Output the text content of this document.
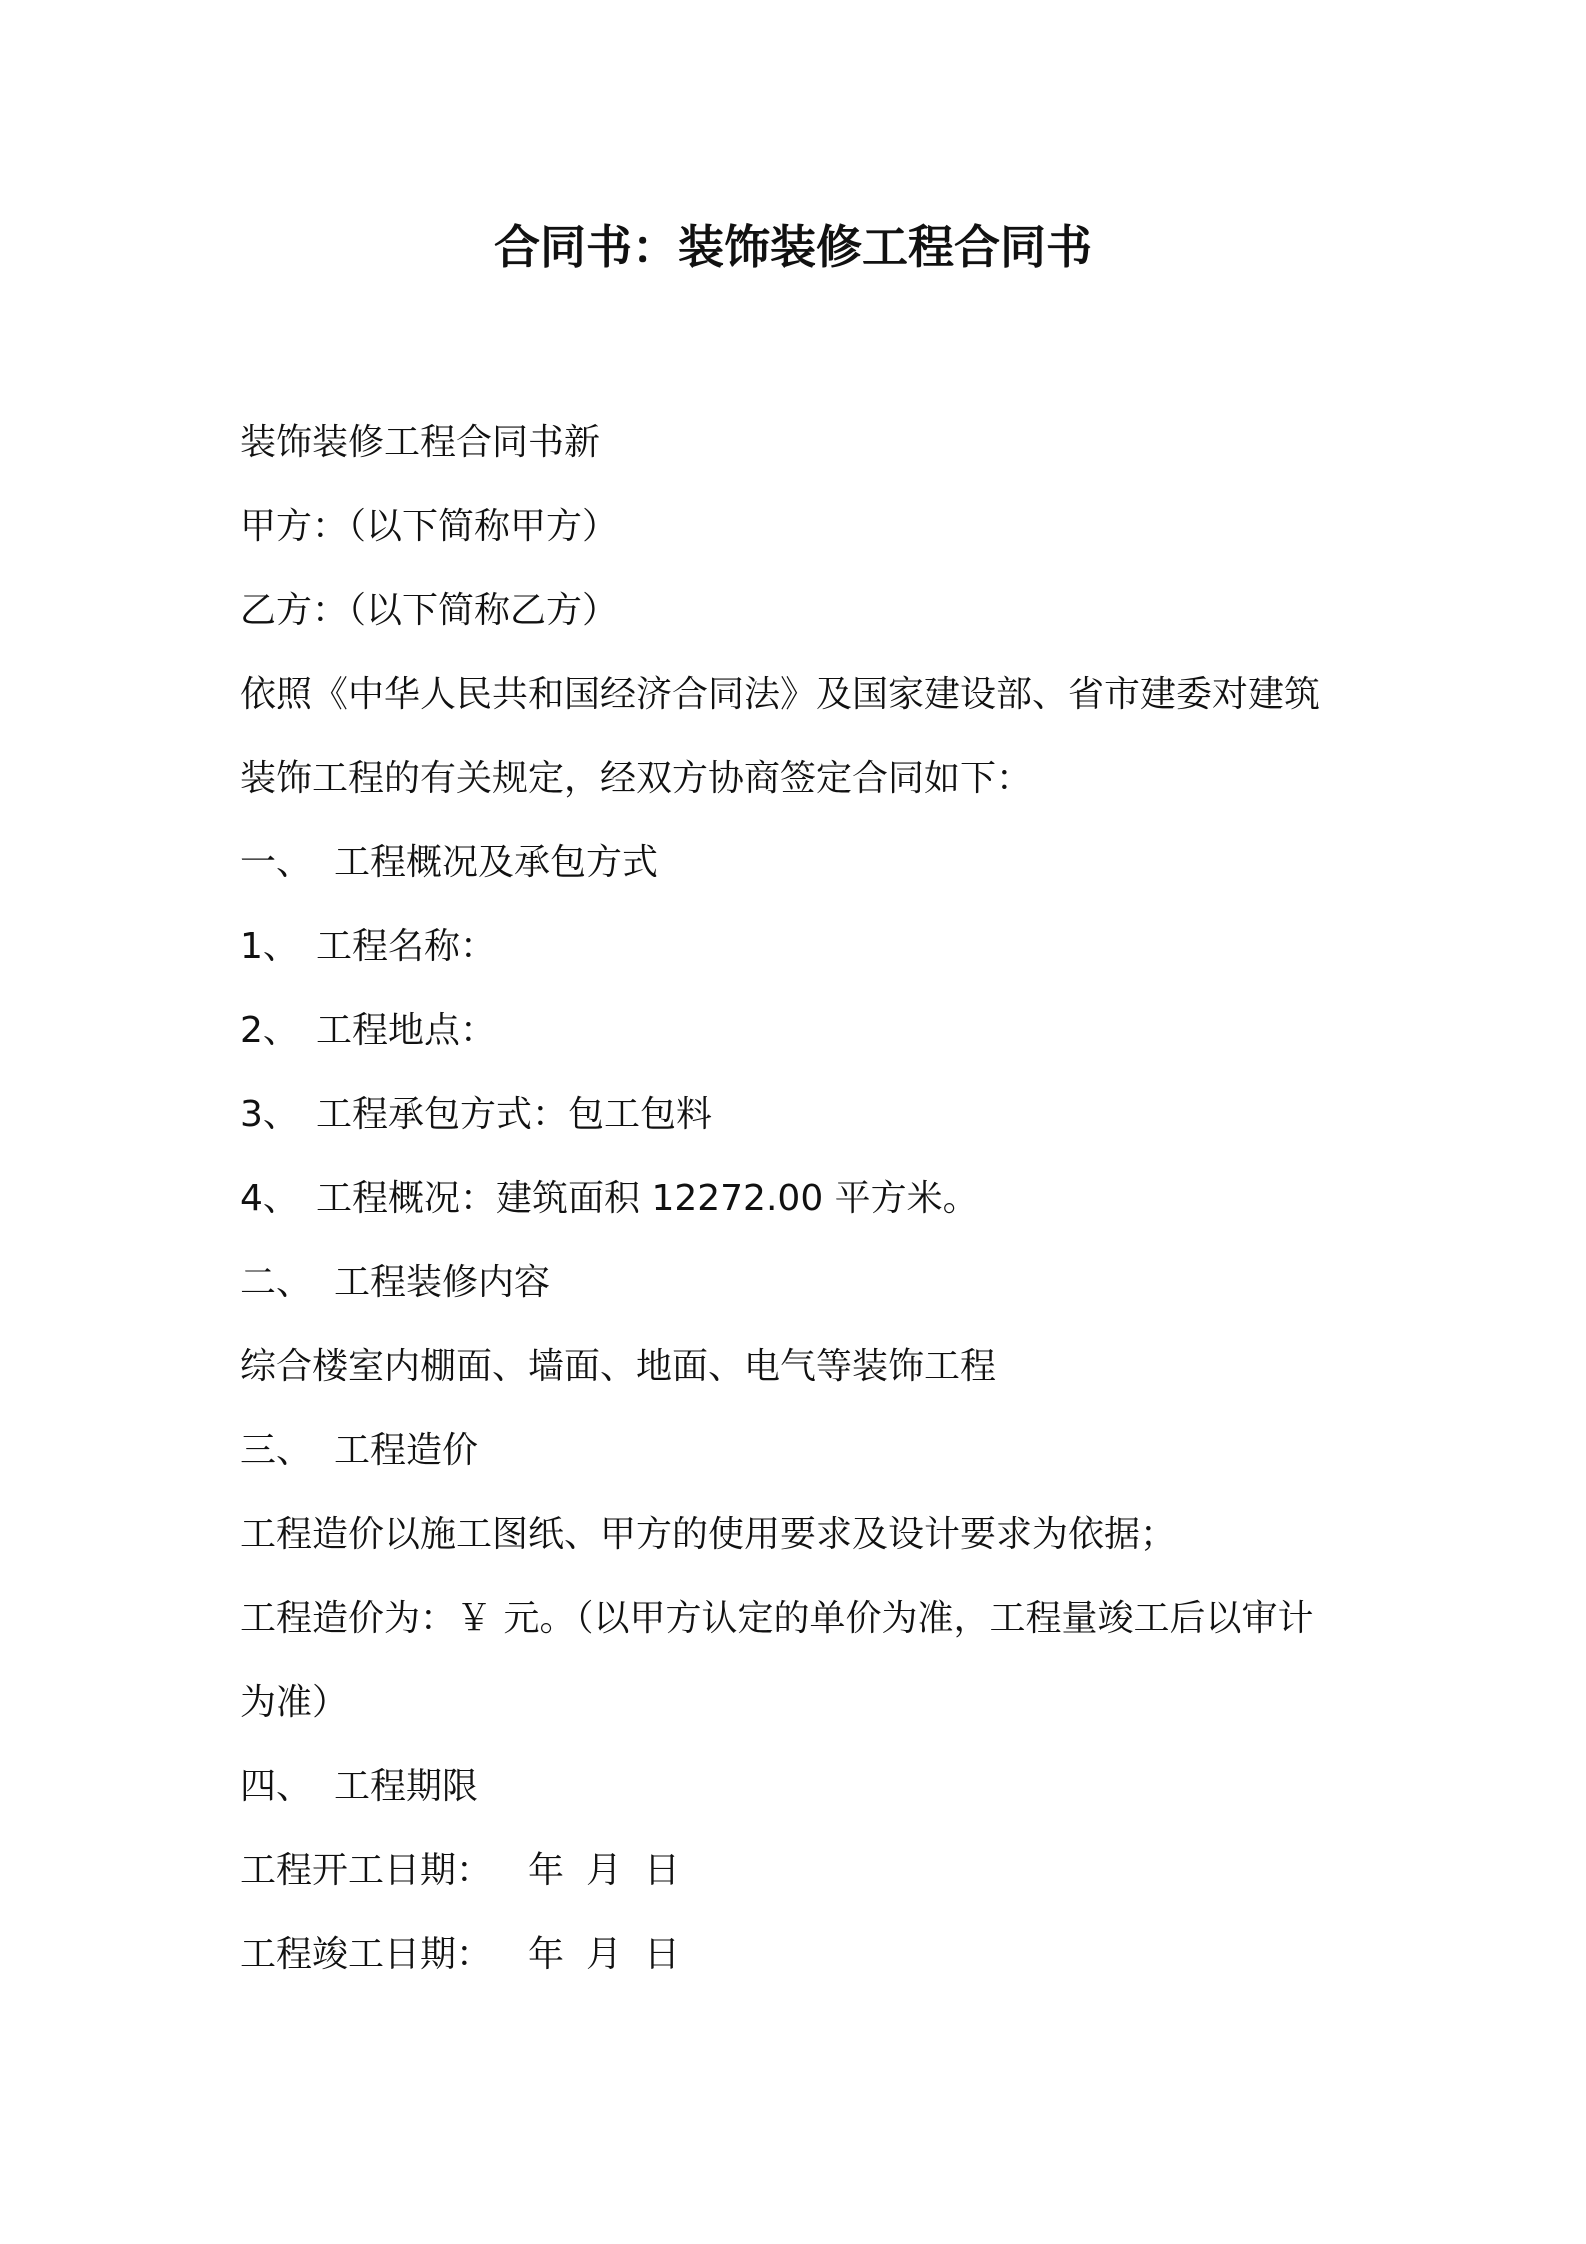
合同书：装饰装修工程合同书
装饰装修工程合同书新
甲方：（以下简称甲方）
乙方：（以下简称乙方）
依照《中华人民共和国经济合同法》及国家建设部、省市建委对建筑
装饰工程的有关规定，经双方协商签定合同如下：
一、 工程概况及承包方式
1、 工程名称：
2、 工程地点：
3、 工程承包方式：包工包料
4、 工程概况：建筑面积 12272.00 平方米。
二、 工程装修内容
综合楼室内棚面、墙面、地面、电气等装饰工程
三、 工程造价
工程造价以施工图纸、甲方的使用要求及设计要求为依据；
工程造价为：￥ 元。（以甲方认定的单价为准，工程量竣工后以审计
为准）
四、 工程期限
工程开工日期： 年 月 日
工程竣工日期： 年 月 日
